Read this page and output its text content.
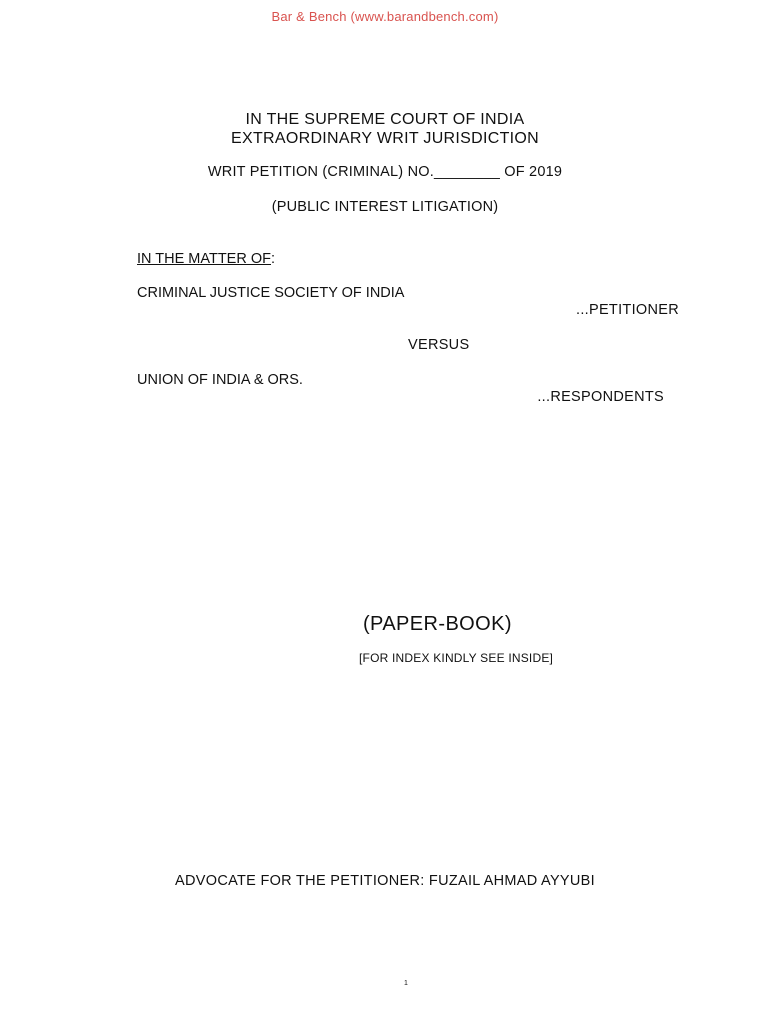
Bar & Bench (www.barandbench.com)
IN THE SUPREME COURT OF INDIA
EXTRAORDINARY WRIT JURISDICTION
WRIT PETITION (CRIMINAL) NO.________ OF 2019
(PUBLIC INTEREST LITIGATION)
IN THE MATTER OF:
CRIMINAL JUSTICE SOCIETY OF INDIA
...PETITIONER
VERSUS
UNION OF INDIA & ORS.
...RESPONDENTS
(PAPER-BOOK)
[FOR INDEX KINDLY SEE INSIDE]
ADVOCATE FOR THE PETITIONER: FUZAIL AHMAD AYYUBI
1
